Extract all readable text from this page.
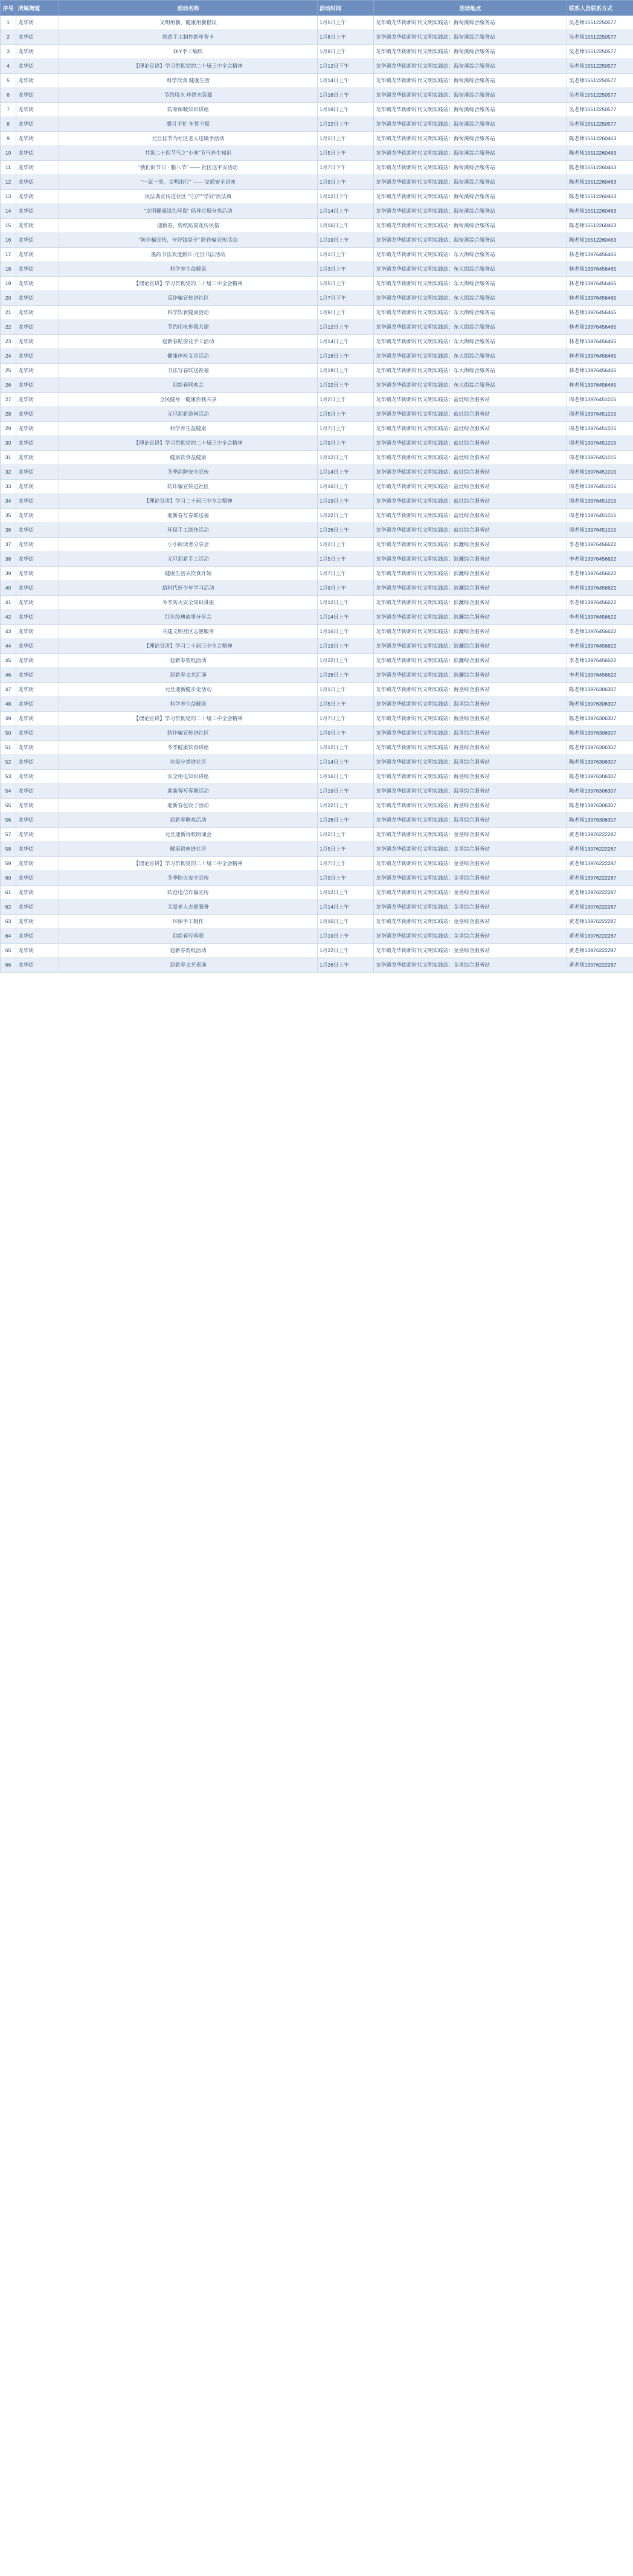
序号	所属街道	活动名称	活动时间	活动地点	联系人及联系方式
1	龙华街	文明用餐，健康用餐倡议	1月5日上午	龙华镇龙华街新时代文明实践站：海甸溪综合服务站	吴老师15512250577
2	龙华街	创意手工制作新年贺卡	1月8日上午	龙华镇龙华街新时代文明实践站：海甸溪综合服务站	吴老师15512250577
3	龙华街	DIY手工编织	1月9日上午	龙华镇龙华街新时代文明实践站：海甸溪综合服务站	吴老师15512250577
4	龙华街	【理论宣讲】学习贯彻党的二十届三中全会精神	1月12日下午	龙华镇龙华街新时代文明实践站：海甸溪综合服务站	吴老师15512250577
5	龙华街	科学饮食 健康生活	1月14日上午	龙华镇龙华街新时代文明实践站：海甸溪综合服务站	吴老师15512250577
6	龙华街	节约用水 珍惜水资源	1月16日上午	龙华镇龙华街新时代文明实践站：海甸溪综合服务站	吴老师15512250577
7	龙华街	防寒保暖知识讲座	1月19日上午	龙华镇龙华街新时代文明实践站：海甸溪综合服务站	吴老师15512250577
8	龙华街	腊月不忙 年货不慌	1月22日上午	龙华镇龙华街新时代文明实践站：海甸溪综合服务站	吴老师15512250577
9	龙华街	元旦佳节为社区老人送暖手活动	1月2日上午	龙华镇龙华街新时代文明实践站：海甸溪综合服务站	陈老师15512260463
10	龙华街	共筑二十四节气之"小寒"节气养生知识	1月5日上午	龙华镇龙华街新时代文明实践站：海甸溪综合服务站	陈老师15512260463
11	龙华街	"我们的节日 · 腊八节" —— 社区送平安活动	1月7日下午	龙华镇龙华街新时代文明实践站：海甸溪综合服务站	陈老师15512260463
12	龙华街	"一家一事，文明出行" —— 交通安全讲座	1月9日上午	龙华镇龙华街新时代文明实践站：海甸溪综合服务站	陈老师15512260463
13	龙华街	民法典宣传进社区 "守护""学好"民法典	1月12日下午	龙华镇龙华街新时代文明实践站：海甸溪综合服务站	陈老师15512260463
14	龙华街	"文明健康绿色环保" 倡导垃圾分类活动	1月14日上午	龙华镇龙华街新时代文明实践站：海甸溪综合服务站	陈老师15512260463
15	龙华街	迎新春，剪纸贴窗花传民俗	1月16日上午	龙华镇龙华街新时代文明实践站：海甸溪综合服务站	陈老师15512260463
16	龙华街	"防诈骗宣传，守好钱袋子" 防诈骗宣传活动	1月19日上午	龙华镇龙华街新时代文明实践站：海甸溪综合服务站	陈老师15512260463
17	龙华街	墨韵书法欢度新年·元旦书法活动	1月1日上午	龙华镇龙华街新时代文明实践站：东大街综合服务站	林老师13976456465
18	龙华街	科学养生益健康	1月3日上午	龙华镇龙华街新时代文明实践站：东大街综合服务站	林老师13976456465
19	龙华街	【理论宣讲】学习贯彻党的二十届三中全会精神	1月5日上午	龙华镇龙华街新时代文明实践站：东大街综合服务站	林老师13976456465
20	龙华街	反诈骗宣传进社区	1月7日下午	龙华镇龙华街新时代文明实践站：东大街综合服务站	林老师13976456465
21	龙华街	科学饮食健康活动	1月9日上午	龙华镇龙华街新时代文明实践站：东大街综合服务站	林老师13976456465
22	龙华街	节约用电你我共建	1月12日上午	龙华镇龙华街新时代文明实践站：东大街综合服务站	林老师13976456465
23	龙华街	迎新春贴窗花手工活动	1月14日上午	龙华镇龙华街新时代文明实践站：东大街综合服务站	林老师13976456465
24	龙华街	健康体检义诊活动	1月16日上午	龙华镇龙华街新时代文明实践站：东大街综合服务站	林老师13976456465
25	龙华街	书法写春联送祝福	1月19日上午	龙华镇龙华街新时代文明实践站：东大街综合服务站	林老师13976456465
26	龙华街	迎新春联欢会	1月22日上午	龙华镇龙华街新时代文明实践站：东大街综合服务站	林老师13976456465
27	龙华街	全民健身一健康你我共享	1月2日上午	龙华镇龙华街新时代文明实践站：盐灶综合服务站	周老师13976451015
28	龙华街	元旦迎新游园活动	1月5日上午	龙华镇龙华街新时代文明实践站：盐灶综合服务站	周老师13976451015
29	龙华街	科学养生益健康	1月7日上午	龙华镇龙华街新时代文明实践站：盐灶综合服务站	周老师13976451015
30	龙华街	【理论宣讲】学习贯彻党的二十届三中全会精神	1月9日上午	龙华镇龙华街新时代文明实践站：盐灶综合服务站	周老师13976451015
31	龙华街	健康饮食益健康	1月12日上午	龙华镇龙华街新时代文明实践站：盐灶综合服务站	周老师13976451015
32	龙华街	冬季消防安全宣传	1月14日上午	龙华镇龙华街新时代文明实践站：盐灶综合服务站	周老师13976451015
33	龙华街	防诈骗宣传进社区	1月16日上午	龙华镇龙华街新时代文明实践站：盐灶综合服务站	周老师13976451015
34	龙华街	【理论宣讲】学习二十届三中全会精神	1月19日上午	龙华镇龙华街新时代文明实践站：盐灶综合服务站	周老师13976451015
35	龙华街	迎新春写春联送福	1月22日上午	龙华镇龙华街新时代文明实践站：盐灶综合服务站	周老师13976451015
36	龙华街	环保手工制作活动	1月26日上午	龙华镇龙华街新时代文明实践站：盐灶综合服务站	周老师13976451015
37	龙华街	小小阅读者分享会	1月2日上午	龙华镇龙华街新时代文明实践站：滨濂综合服务站	李老师13976456622
38	龙华街	元旦迎新手工活动	1月5日上午	龙华镇龙华街新时代文明实践站：滨濂综合服务站	李老师13976456622
39	龙华街	健康生活从饮食开始	1月7日上午	龙华镇龙华街新时代文明实践站：滨濂综合服务站	李老师13976456622
40	龙华街	新时代好少年学习活动	1月9日上午	龙华镇龙华街新时代文明实践站：滨濂综合服务站	李老师13976456622
41	龙华街	冬季防火安全知识讲座	1月12日上午	龙华镇龙华街新时代文明实践站：滨濂综合服务站	李老师13976456622
42	龙华街	红色经典故事分享会	1月14日上午	龙华镇龙华街新时代文明实践站：滨濂综合服务站	李老师13976456622
43	龙华街	共建文明社区志愿服务	1月16日上午	龙华镇龙华街新时代文明实践站：滨濂综合服务站	李老师13976456622
44	龙华街	【理论宣讲】学习二十届三中全会精神	1月19日上午	龙华镇龙华街新时代文明实践站：滨濂综合服务站	李老师13976456622
45	龙华街	迎新春剪纸活动	1月22日上午	龙华镇龙华街新时代文明实践站：滨濂综合服务站	李老师13976456622
46	龙华街	迎新春文艺汇演	1月26日上午	龙华镇龙华街新时代文明实践站：滨濂综合服务站	李老师13976456622
47	龙华街	元旦迎新健步走活动	1月1日上午	龙华镇龙华街新时代文明实践站：海垦综合服务站	陈老师13976306307
48	龙华街	科学养生益健康	1月5日上午	龙华镇龙华街新时代文明实践站：海垦综合服务站	陈老师13976306307
49	龙华街	【理论宣讲】学习贯彻党的二十届三中全会精神	1月7日上午	龙华镇龙华街新时代文明实践站：海垦综合服务站	陈老师13976306307
50	龙华街	防诈骗宣传进社区	1月9日上午	龙华镇龙华街新时代文明实践站：海垦综合服务站	陈老师13976306307
51	龙华街	冬季健康饮食讲座	1月12日上午	龙华镇龙华街新时代文明实践站：海垦综合服务站	陈老师13976306307
52	龙华街	垃圾分类进社区	1月14日上午	龙华镇龙华街新时代文明实践站：海垦综合服务站	陈老师13976306307
53	龙华街	安全用电知识讲座	1月16日上午	龙华镇龙华街新时代文明实践站：海垦综合服务站	陈老师13976306307
54	龙华街	迎新春写春联活动	1月19日上午	龙华镇龙华街新时代文明实践站：海垦综合服务站	陈老师13976306307
55	龙华街	迎新春包饺子活动	1月22日上午	龙华镇龙华街新时代文明实践站：海垦综合服务站	陈老师13976306307
56	龙华街	迎新春联欢活动	1月26日上午	龙华镇龙华街新时代文明实践站：海垦综合服务站	陈老师13976306307
57	龙华街	元旦迎新诗歌朗诵会	1月2日上午	龙华镇龙华街新时代文明实践站：金垦综合服务站	黄老师13976222287
58	龙华街	健康讲座进社区	1月5日上午	龙华镇龙华街新时代文明实践站：金垦综合服务站	黄老师13976222287
59	龙华街	【理论宣讲】学习贯彻党的二十届三中全会精神	1月7日上午	龙华镇龙华街新时代文明实践站：金垦综合服务站	黄老师13976222287
60	龙华街	冬季防火安全宣传	1月9日上午	龙华镇龙华街新时代文明实践站：金垦综合服务站	黄老师13976222287
61	龙华街	防范电信诈骗宣传	1月12日上午	龙华镇龙华街新时代文明实践站：金垦综合服务站	黄老师13976222287
62	龙华街	关爱老人志愿服务	1月14日上午	龙华镇龙华街新时代文明实践站：金垦综合服务站	黄老师13976222287
63	龙华街	环保手工制作	1月16日上午	龙华镇龙华街新时代文明实践站：金垦综合服务站	黄老师13976222287
64	龙华街	迎新春写春联	1月19日上午	龙华镇龙华街新时代文明实践站：金垦综合服务站	黄老师13976222287
65	龙华街	迎新春剪纸活动	1月22日上午	龙华镇龙华街新时代文明实践站：金垦综合服务站	黄老师13976222287
66	龙华街	迎新春文艺表演	1月26日上午	龙华镇龙华街新时代文明实践站：金垦综合服务站	黄老师13976222287
